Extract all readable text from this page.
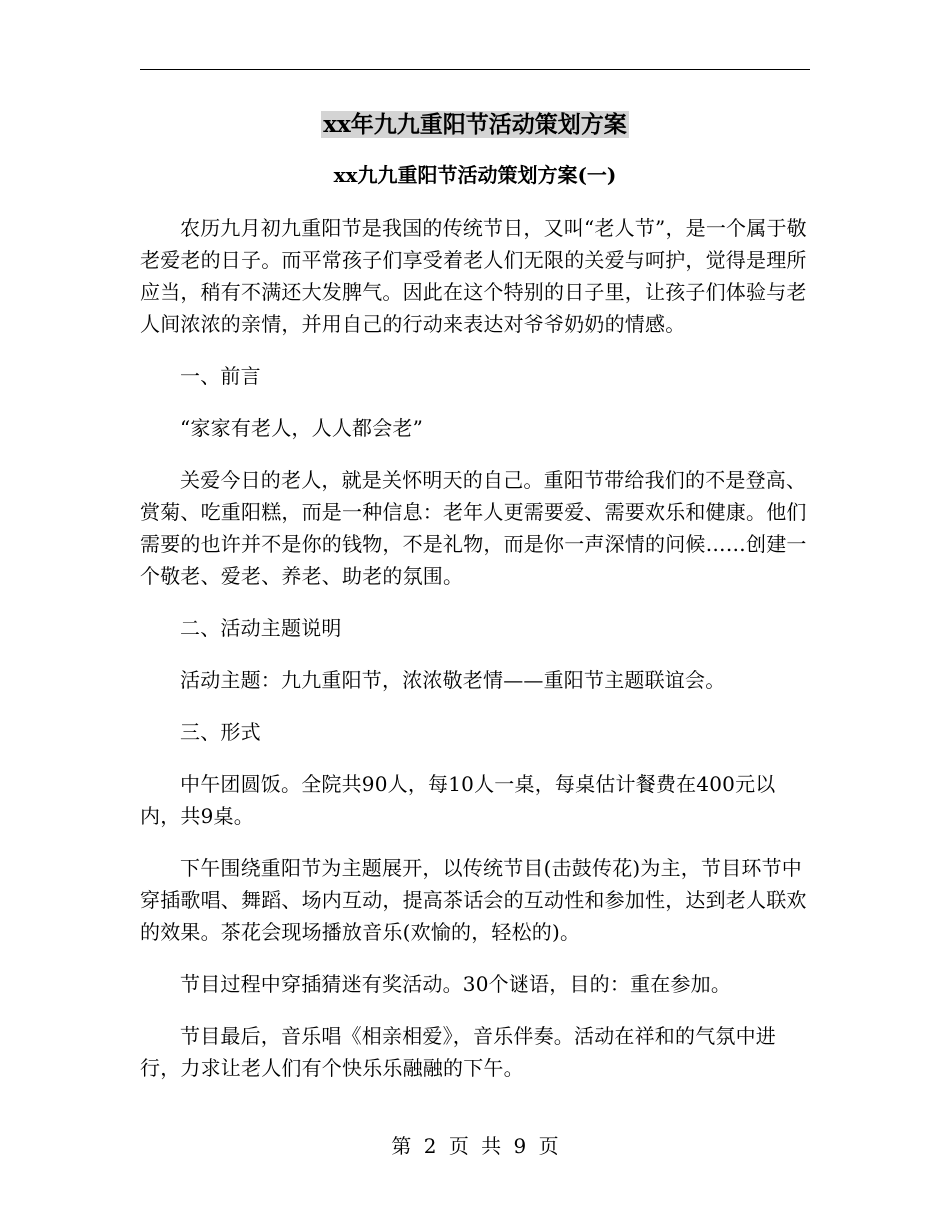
xx年九九重阳节活动策划方案
xx九九重阳节活动策划方案(一)

农历九月初九重阳节是我国的传统节日，又叫“老人节”，是一个属于敬老爱老的日子。而平常孩子们享受着老人们无限的关爱与呵护，觉得是理所应当，稍有不满还大发脾气。因此在这个特别的日子里，让孩子们体验与老人间浓浓的亲情，并用自己的行动来表达对爷爷奶奶的情感。

一、前言

“家家有老人，人人都会老”

关爱今日的老人，就是关怀明天的自己。重阳节带给我们的不是登高、赏菊、吃重阳糕，而是一种信息：老年人更需要爱、需要欢乐和健康。他们需要的也许并不是你的钱物，不是礼物，而是你一声深情的问候……创建一个敬老、爱老、养老、助老的氛围。

二、活动主题说明

活动主题：九九重阳节，浓浓敬老情——重阳节主题联谊会。

三、形式

中午团圆饭。全院共90人，每10人一桌，每桌估计餐费在400元以内，共9桌。

下午围绕重阳节为主题展开，以传统节目(击鼓传花)为主，节目环节中穿插歌唱、舞蹈、场内互动，提高茶话会的互动性和参加性，达到老人联欢的效果。茶花会现场播放音乐(欢愉的，轻松的)。

节目过程中穿插猜迷有奖活动。30个谜语，目的：重在参加。

节目最后，音乐唱《相亲相爱》，音乐伴奏。活动在祥和的气氛中进行，力求让老人们有个快乐乐融融的下午。

第 2 页 共 9 页
